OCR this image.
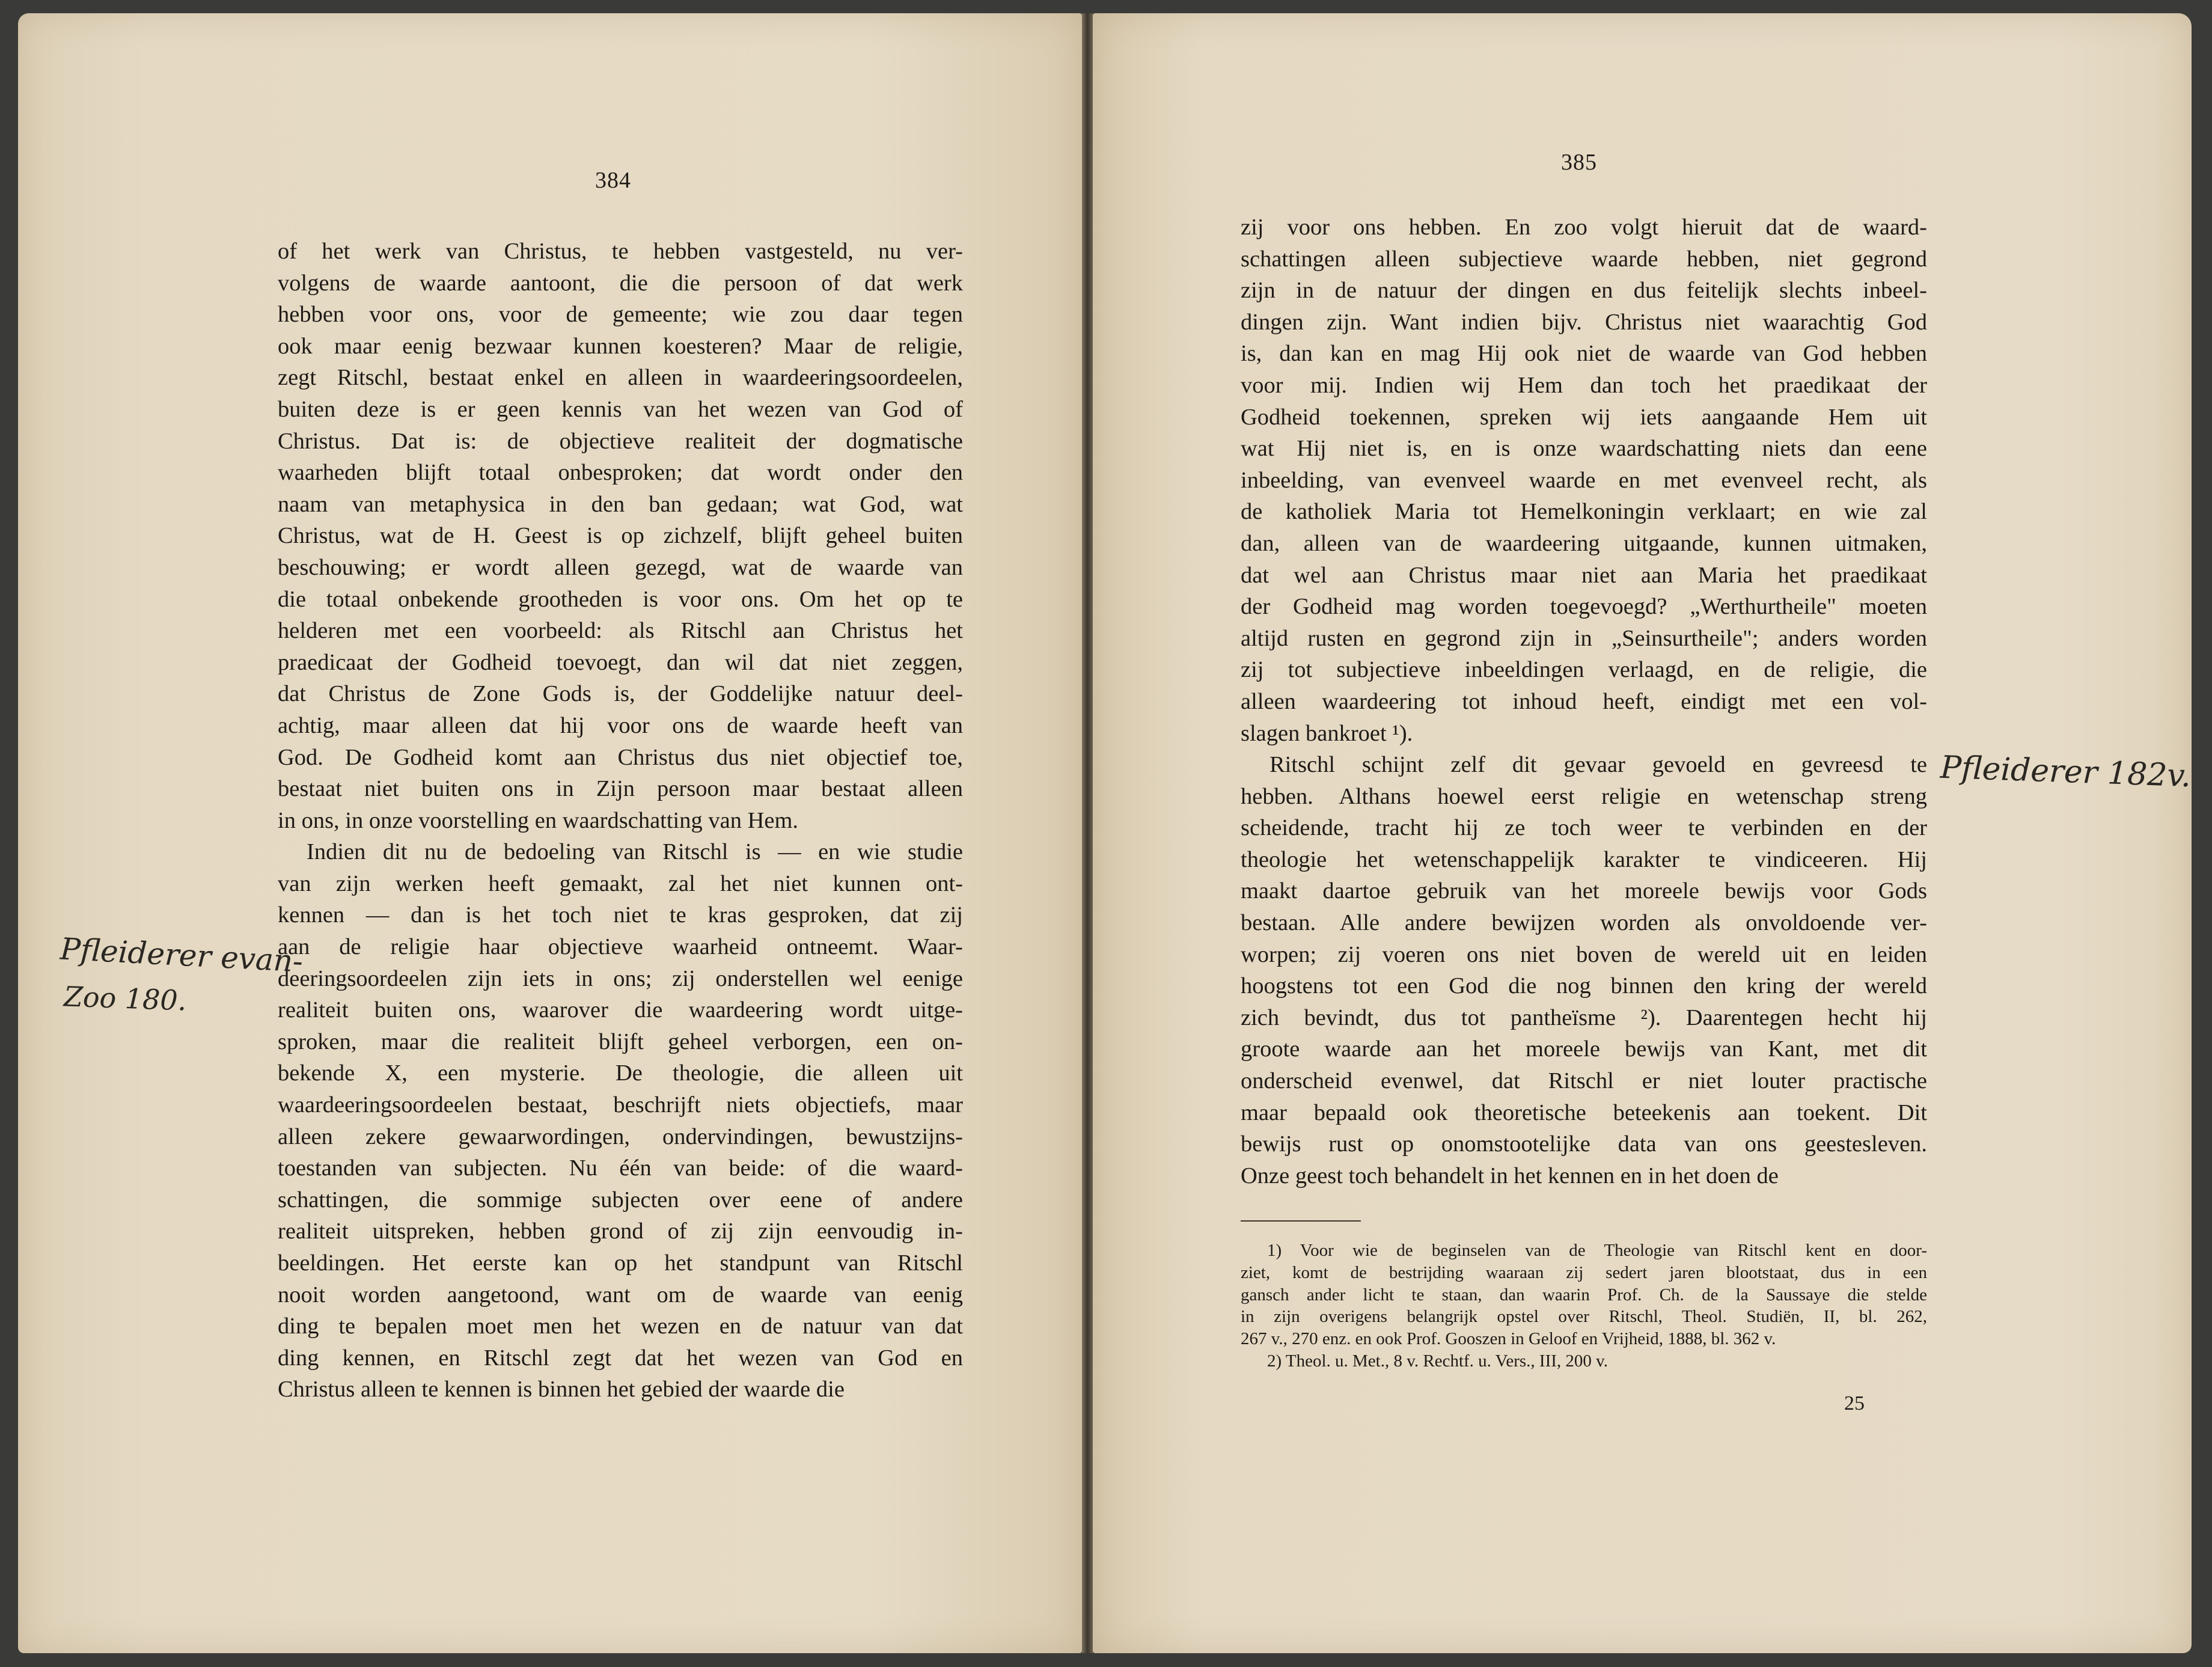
384
of het werk van Christus, te hebben vastgesteld, nu ver-
volgens de waarde aantoont, die die persoon of dat werk
hebben voor ons, voor de gemeente; wie zou daar tegen
ook maar eenig bezwaar kunnen koesteren? Maar de religie,
zegt Ritschl, bestaat enkel en alleen in waardeeringsoordeelen,
buiten deze is er geen kennis van het wezen van God of
Christus. Dat is: de objectieve realiteit der dogmatische
waarheden blijft totaal onbesproken; dat wordt onder den
naam van metaphysica in den ban gedaan; wat God, wat
Christus, wat de H. Geest is op zichzelf, blijft geheel buiten
beschouwing; er wordt alleen gezegd, wat de waarde van
die totaal onbekende grootheden is voor ons. Om het op te
helderen met een voorbeeld: als Ritschl aan Christus het
praedicaat der Godheid toevoegt, dan wil dat niet zeggen,
dat Christus de Zone Gods is, der Goddelijke natuur deel-
achtig, maar alleen dat hij voor ons de waarde heeft van
God. De Godheid komt aan Christus dus niet objectief toe,
bestaat niet buiten ons in Zijn persoon maar bestaat alleen
in ons, in onze voorstelling en waardschatting van Hem.
Indien dit nu de bedoeling van Ritschl is — en wie studie
van zijn werken heeft gemaakt, zal het niet kunnen ont-
kennen — dan is het toch niet te kras gesproken, dat zij
aan de religie haar objectieve waarheid ontneemt. Waar-
deeringsoordeelen zijn iets in ons; zij onderstellen wel eenige
realiteit buiten ons, waarover die waardeering wordt uitge-
sproken, maar die realiteit blijft geheel verborgen, een on-
bekende X, een mysterie. De theologie, die alleen uit
waardeeringsoordeelen bestaat, beschrijft niets objectiefs, maar
alleen zekere gewaarwordingen, ondervindingen, bewustzijns-
toestanden van subjecten. Nu één van beide: of die waard-
schattingen, die sommige subjecten over eene of andere
realiteit uitspreken, hebben grond of zij zijn eenvoudig in-
beeldingen. Het eerste kan op het standpunt van Ritschl
nooit worden aangetoond, want om de waarde van eenig
ding te bepalen moet men het wezen en de natuur van dat
ding kennen, en Ritschl zegt dat het wezen van God en
Christus alleen te kennen is binnen het gebied der waarde die
Pfleiderer evan-
Zoo 180.
385
zij voor ons hebben. En zoo volgt hieruit dat de waard-
schattingen alleen subjectieve waarde hebben, niet gegrond
zijn in de natuur der dingen en dus feitelijk slechts inbeel-
dingen zijn. Want indien bijv. Christus niet waarachtig God
is, dan kan en mag Hij ook niet de waarde van God hebben
voor mij. Indien wij Hem dan toch het praedikaat der
Godheid toekennen, spreken wij iets aangaande Hem uit
wat Hij niet is, en is onze waardschatting niets dan eene
inbeelding, van evenveel waarde en met evenveel recht, als
de katholiek Maria tot Hemelkoningin verklaart; en wie zal
dan, alleen van de waardeering uitgaande, kunnen uitmaken,
dat wel aan Christus maar niet aan Maria het praedikaat
der Godheid mag worden toegevoegd? „Werthurtheile" moeten
altijd rusten en gegrond zijn in „Seinsurtheile"; anders worden
zij tot subjectieve inbeeldingen verlaagd, en de religie, die
alleen waardeering tot inhoud heeft, eindigt met een vol-
slagen bankroet ¹).
Ritschl schijnt zelf dit gevaar gevoeld en gevreesd te
hebben. Althans hoewel eerst religie en wetenschap streng
scheidende, tracht hij ze toch weer te verbinden en der
theologie het wetenschappelijk karakter te vindiceeren. Hij
maakt daartoe gebruik van het moreele bewijs voor Gods
bestaan. Alle andere bewijzen worden als onvoldoende ver-
worpen; zij voeren ons niet boven de wereld uit en leiden
hoogstens tot een God die nog binnen den kring der wereld
zich bevindt, dus tot pantheïsme ²). Daarentegen hecht hij
groote waarde aan het moreele bewijs van Kant, met dit
onderscheid evenwel, dat Ritschl er niet louter practische
maar bepaald ook theoretische beteekenis aan toekent. Dit
bewijs rust op onomstootelijke data van ons geestesleven.
Onze geest toch behandelt in het kennen en in het doen de
Pfleiderer 182v.
1) Voor wie de beginselen van de Theologie van Ritschl kent en door-
ziet, komt de bestrijding waaraan zij sedert jaren blootstaat, dus in een
gansch ander licht te staan, dan waarin Prof. Ch. de la Saussaye die stelde
in zijn overigens belangrijk opstel over Ritschl, Theol. Studiën, II, bl. 262,
267 v., 270 enz. en ook Prof. Gooszen in Geloof en Vrijheid, 1888, bl. 362 v.
2) Theol. u. Met., 8 v. Rechtf. u. Vers., III, 200 v.
25
